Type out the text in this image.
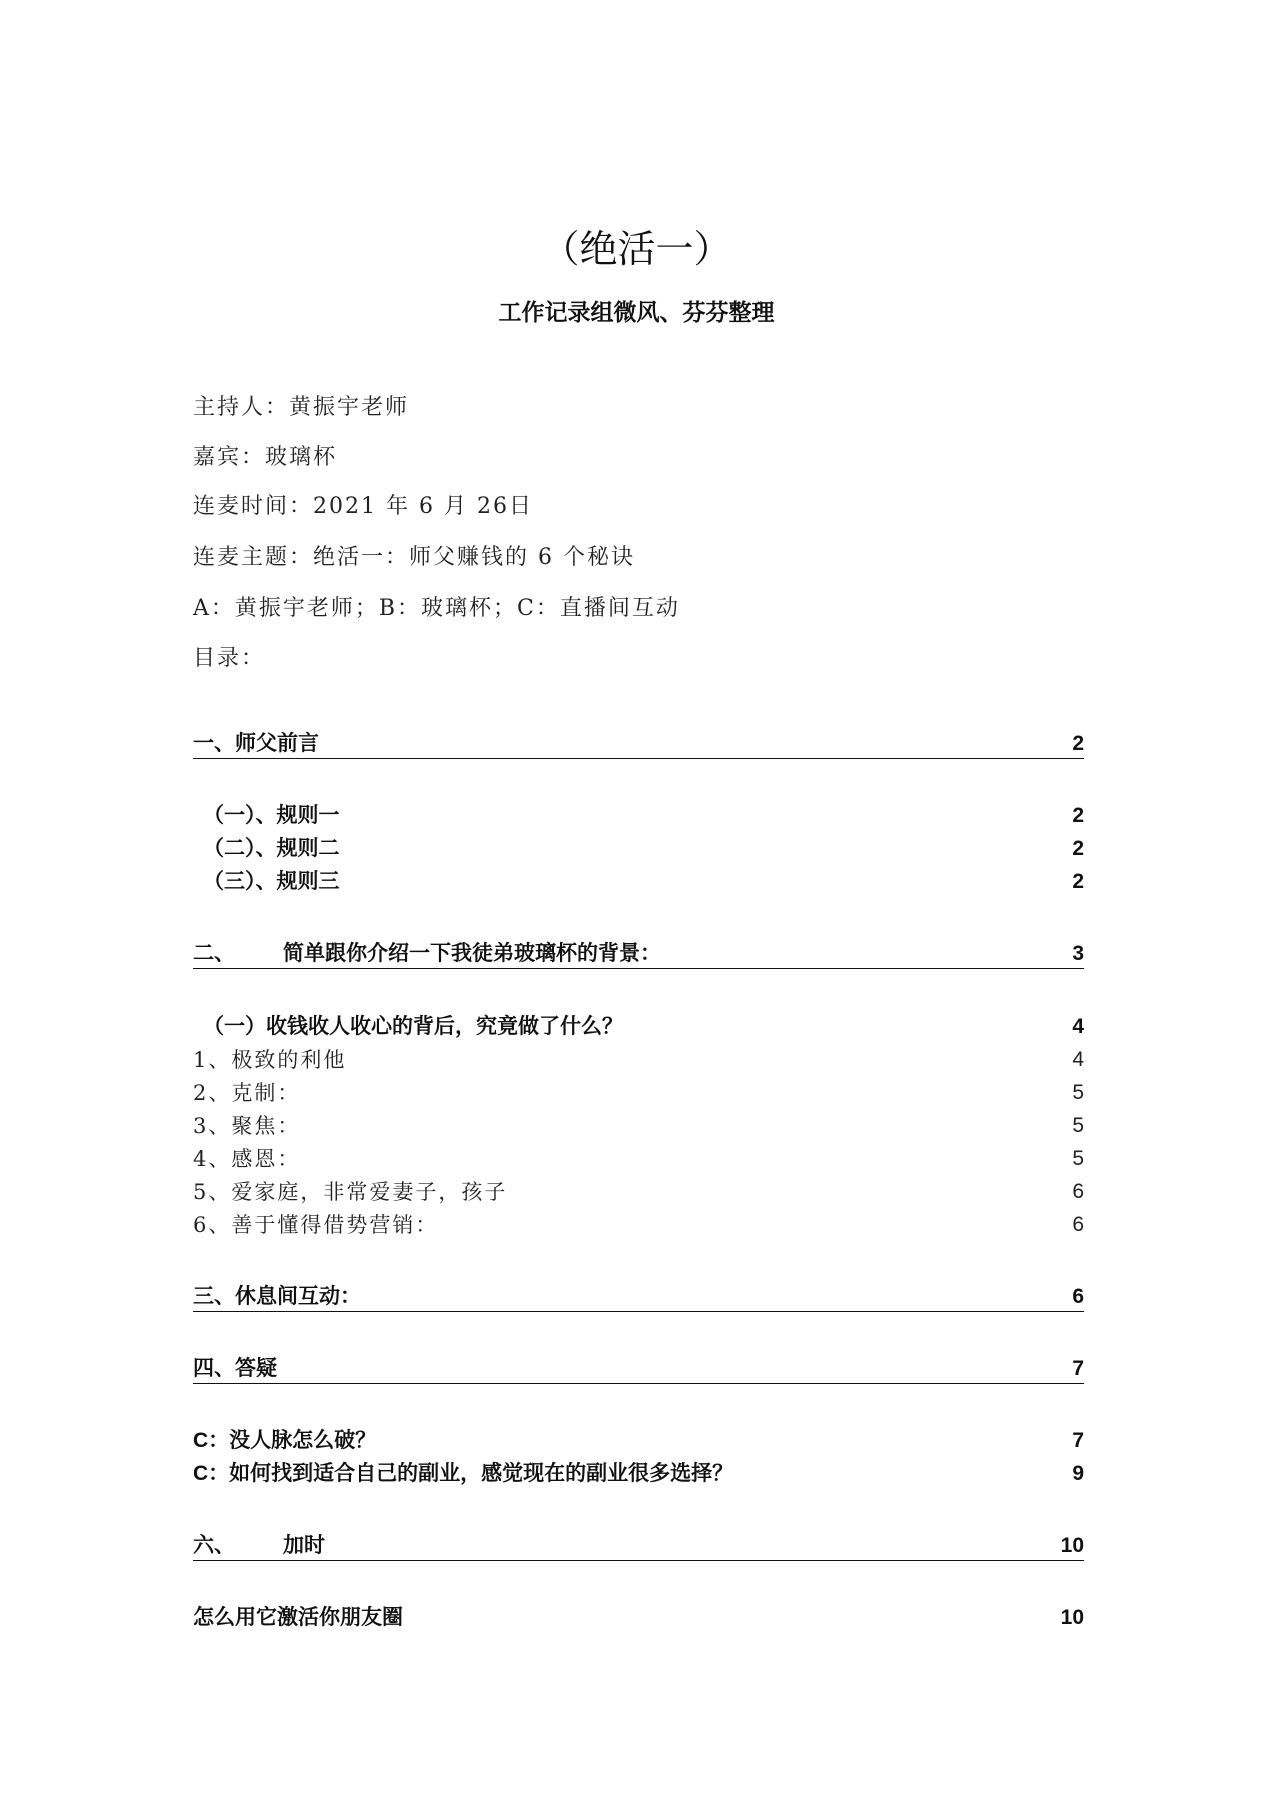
（绝活一）
工作记录组微风、芬芬整理
主持人：黄振宇老师
嘉宾：玻璃杯
连麦时间：2021 年 6 月 26日
连麦主题：绝活一：师父赚钱的 6 个秘诀
A：黄振宇老师；B：玻璃杯；C：直播间互动
目录：
一、师父前言	2
（一）、规则一	2
（二）、规则二	2
（三）、规则三	2
二、 简单跟你介绍一下我徒弟玻璃杯的背景：	3
（一）收钱收人收心的背后，究竟做了什么？	4
1、极致的利他	4
2、克制：	5
3、聚焦：	5
4、感恩：	5
5、爱家庭，非常爱妻子，孩子	6
6、善于懂得借势营销：	6
三、休息间互动：	6
四、答疑	7
C：没人脉怎么破？	7
C：如何找到适合自己的副业，感觉现在的副业很多选择？	9
六、 加时	10
怎么用它激活你朋友圈	10
